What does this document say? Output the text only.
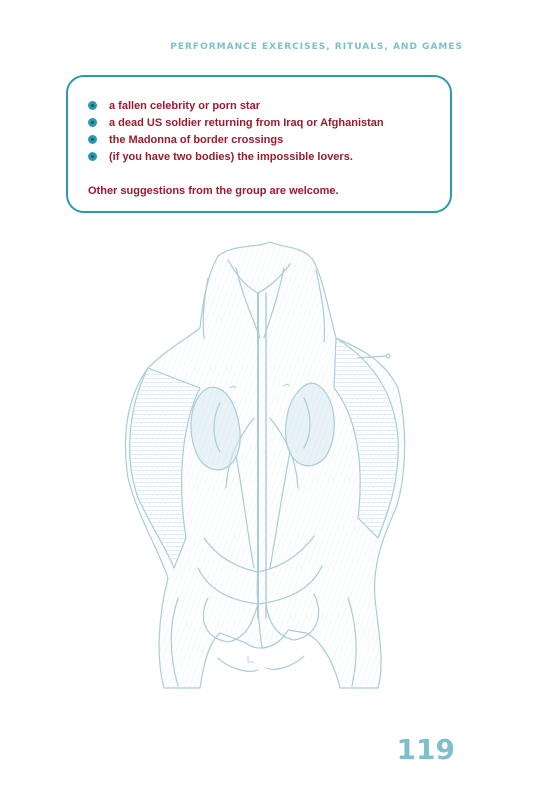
PERFORMANCE EXERCISES, RITUALS, AND GAMES
a fallen celebrity or porn star
a dead US soldier returning from Iraq or Afghanistan
the Madonna of border crossings
(if you have two bodies) the impossible lovers.
Other suggestions from the group are welcome.
119
